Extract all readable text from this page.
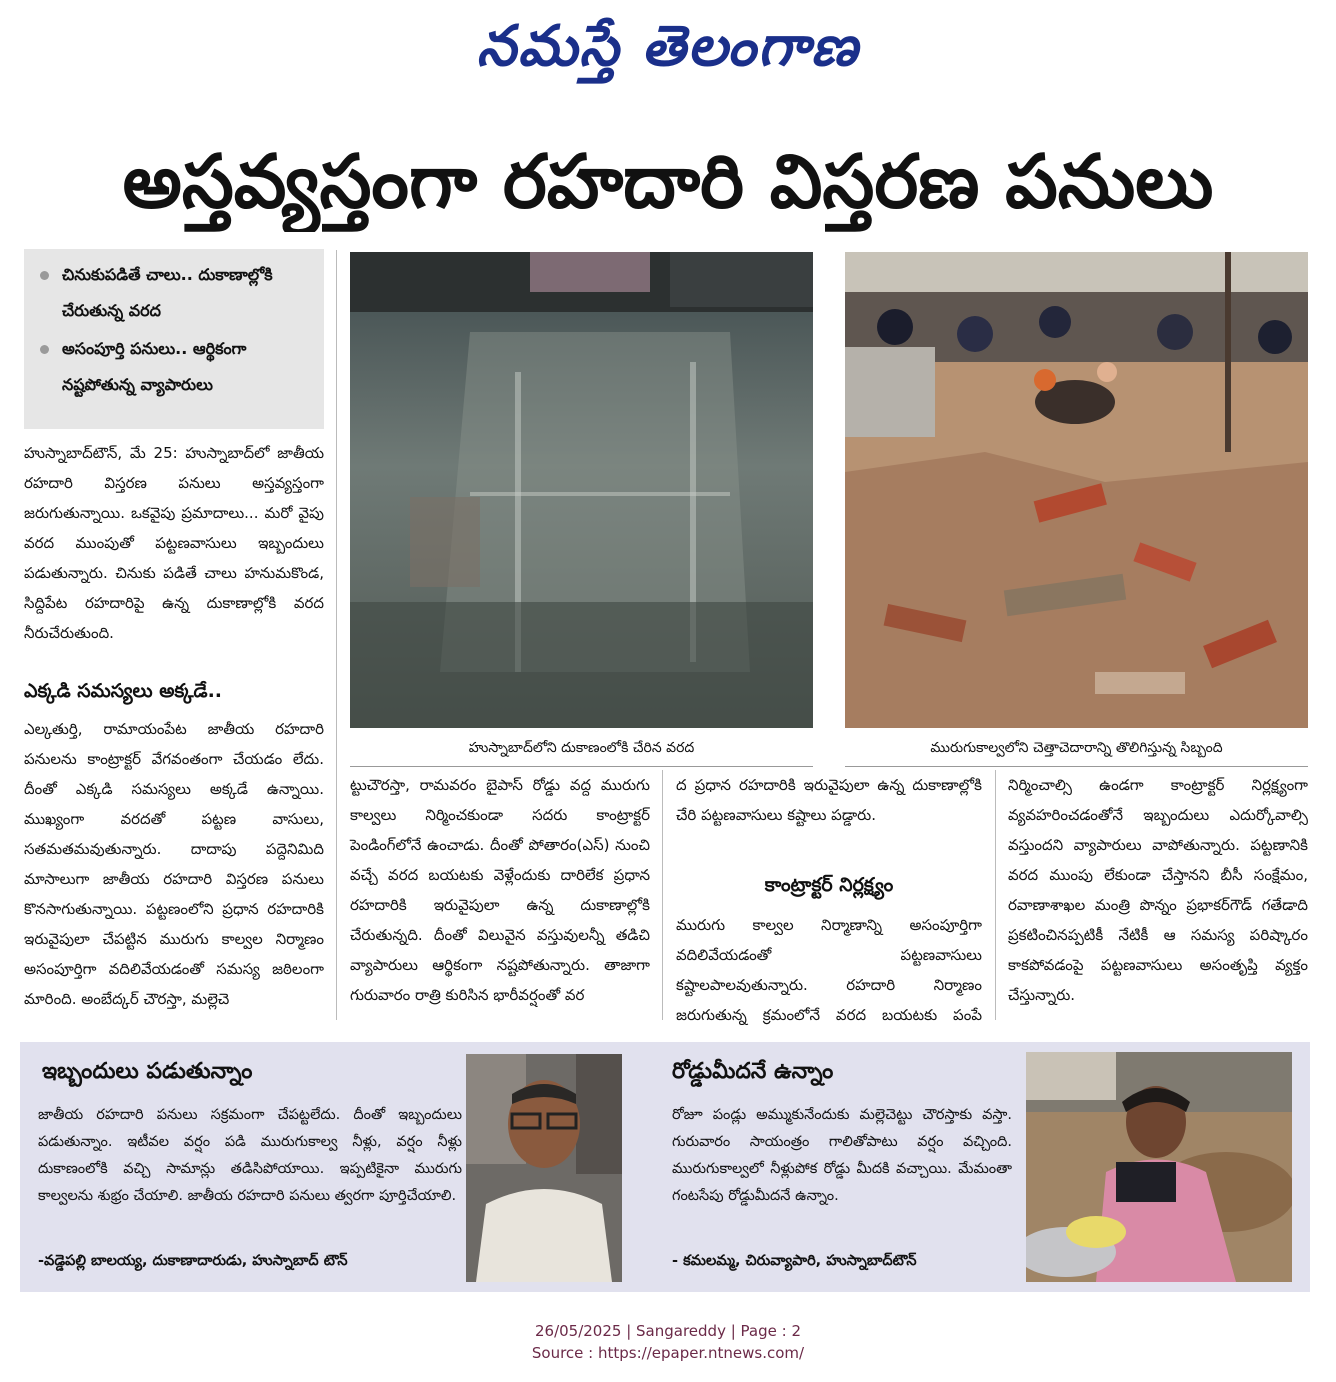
నమస్తే తెలంగాణ
అస్తవ్యస్తంగా రహదారి విస్తరణ పనులు
చినుకుపడితే చాలు.. దుకాణాల్లోకి చేరుతున్న వరద
అసంపూర్తి పనులు.. ఆర్థికంగా నష్టపోతున్న వ్యాపారులు

హుస్నాబాద్‌టౌన్‌, మే 25: హుస్నాబాద్‌లో జాతీయ రహదారి విస్తరణ పనులు అస్తవ్యస్తంగా జరుగుతున్నాయి. ఒకవైపు ప్రమాదాలు... మరో వైపు వరద ముంపుతో పట్టణవాసులు ఇబ్బందులు పడుతున్నారు. చినుకు పడితే చాలు హనుమకొండ, సిద్దిపేట రహదారిపై ఉన్న దుకాణాల్లోకి వరద నీరుచేరుతుంది.

ఎక్కడి సమస్యలు అక్కడే..

ఎల్కతుర్తి, రామాయంపేట జాతీయ రహదారి పనులను కాంట్రాక్టర్‌ వేగవంతంగా చేయడం లేదు. దీంతో ఎక్కడి సమస్యలు అక్కడే ఉన్నాయి. ముఖ్యంగా వరదతో పట్టణ వాసులు, సతమతమవుతున్నారు. దాదాపు పద్దెనిమిది మాసాలుగా జాతీయ రహదారి విస్తరణ పనులు కొనసాగుతున్నాయి. పట్టణంలోని ప్రధాన రహదారికి ఇరువైపులా చేపట్టిన మురుగు కాల్వల నిర్మాణం అసంపూర్తిగా వదిలివేయడంతో సమస్య జఠిలంగా మారింది. అంబేద్కర్‌ చౌరస్తా, మల్లెచె

హుస్నాబాద్‌లోని దుకాణంలోకి చేరిన వరద	మురుగుకాల్వలోని చెత్తాచెదారాన్ని తొలిగిస్తున్న సిబ్బంది

ట్టుచౌరస్తా, రామవరం బైపాస్‌ రోడ్డు వద్ద మురుగు కాల్వలు నిర్మించకుండా సదరు కాంట్రాక్టర్‌ పెండింగ్‌లోనే ఉంచాడు. దీంతో పోతారం(ఎస్‌) నుంచి వచ్చే వరద బయటకు వెళ్లేందుకు దారిలేక ప్రధాన రహదారికి ఇరువైపులా ఉన్న దుకాణాల్లోకి చేరుతున్నది. దీంతో విలువైన వస్తువులన్నీ తడిచి వ్యాపారులు ఆర్థికంగా నష్టపోతున్నారు. తాజాగా గురువారం రాత్రి కురిసిన భారీవర్షంతో వర

ద ప్రధాన రహదారికి ఇరువైపులా ఉన్న దుకాణాల్లోకి చేరి పట్టణవాసులు కష్టాలు పడ్డారు.

కాంట్రాక్టర్‌ నిర్లక్ష్యం

మురుగు కాల్వల నిర్మాణాన్ని అసంపూర్తిగా వదిలివేయడంతో పట్టణవాసులు కష్టాలపాలవుతున్నారు. రహదారి నిర్మాణం జరుగుతున్న క్రమంలోనే వరద బయటకు పంపే

నిర్మించాల్సి ఉండగా కాంట్రాక్టర్‌ నిర్లక్ష్యంగా వ్యవహరించడంతోనే ఇబ్బందులు ఎదుర్కోవాల్సి వస్తుందని వ్యాపారులు వాపోతున్నారు. పట్టణానికి వరద ముంపు లేకుండా చేస్తానని బీసీ సంక్షేమం, రవాణాశాఖల మంత్రి పొన్నం ప్రభాకర్‌గౌడ్‌ గతేడాది ప్రకటించినప్పటికీ నేటికీ ఆ సమస్య పరిష్కారం కాకపోవడంపై పట్టణవాసులు అసంతృప్తి వ్యక్తం చేస్తున్నారు.

ఇబ్బందులు పడుతున్నాం
జాతీయ రహదారి పనులు సక్రమంగా చేపట్టలేదు. దీంతో ఇబ్బందులు పడుతున్నాం. ఇటీవల వర్షం పడి మురుగుకాల్వ నీళ్లు, వర్షం నీళ్లు దుకాణంలోకి వచ్చి సామాన్లు తడిసిపోయాయి. ఇప్పటికైనా మురుగు కాల్వలను శుభ్రం చేయాలి. జాతీయ రహదారి పనులు త్వరగా పూర్తిచేయాలి.
-వడ్డెపల్లి బాలయ్య, దుకాణాదారుడు, హుస్నాబాద్‌ టౌన్‌
రోడ్డుమీదనే ఉన్నాం
రోజూ పండ్లు అమ్ముకునేందుకు మల్లెచెట్టు చౌరస్తాకు వస్తా. గురువారం సాయంత్రం గాలితోపాటు వర్షం వచ్చింది. మురుగుకాల్వలో నీళ్లుపోక రోడ్డు మీదకి వచ్చాయి. మేమంతా గంటసేపు రోడ్డుమీదనే ఉన్నాం.
- కమలమ్మ, చిరువ్యాపారి, హుస్నాబాద్‌టౌన్‌
26/05/2025 | Sangareddy | Page : 2
Source : https://epaper.ntnews.com/
